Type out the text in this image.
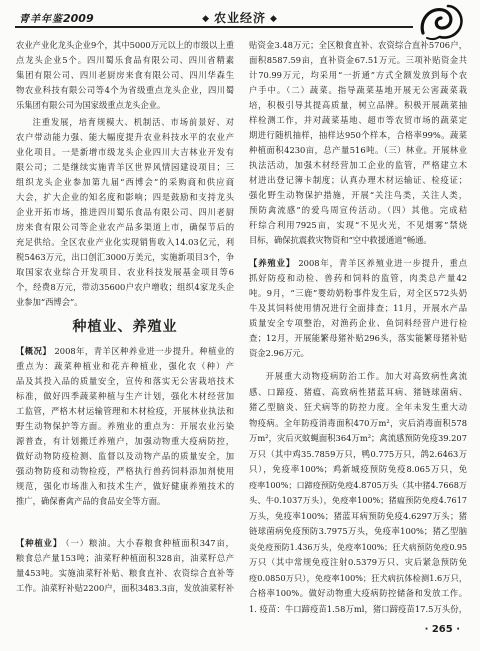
青羊年鉴2009	◆ 农业经济 ◆
农业产业化龙头企业9个，其中5000万元以上的市级以上重
点龙头企业5个。四川蜀乐食品有限公司、四川省精素
集团有限公司、四川老厨房来食有限公司、四川华森生
物农业科技有限公司等4个为省级重点龙头企业，四川蜀
乐集团有限公司为国家级重点龙头企业。
注重发展，培育规模大、机制活、市场前景好、对
农户带动能力强、能大幅度提升农业科技水平的农业产
业化项目。一是新增市级龙头企业四川大吉林业开发有
限公司；二是继续实施青羊区世界风情园建设项目；三
组织龙头企业参加第九届“西博会”的采购商和供应商
大会，扩大企业的知名度和影响；四是鼓励和支持龙头
企业开拓市场，推进四川蜀乐食品有限公司、四川老厨
房来食有限公司等企业农产品多渠道上市，确保节后的
充足供给。全区农业产业化实现销售收入14.03亿元，利
税5463万元，出口创汇3000万美元，实施新项目3个，争
取国家农业综合开发项目、农业科技发展基金项目等6
个，经费8万元，带动35600户农户增收；组织4家龙头企
业参加“西博会”。
种植业、养殖业
【概况】 2008年，青羊区种养业进一步提升。种植业的
重点为：蔬菜种植业和花卉种植业，强化农（种）产
品及其投入品的质量安全，宣传和落实无公害栽培技术
标准，做好四季蔬菜种植与生产计划，强化木材经营加
工监管，严格木材运输管理和木材检疫，开展林业执法和
野生动物保护等方面。养殖业的重点为：开展农业污染
源普查，有计划搬迁养殖户，加强动物重大疫病防控，
做好动物防疫检测、监督以及动物产品的质量安全，加
强动物防疫和动物检疫，严格执行兽药饲料添加剂使用
规范，强化市场准入和技术生产，做好健康养殖技术的
推广，确保畜禽产品的食品安全等方面。
【种植业】 （一）粮油。大小春粮食种植面积347亩，
粮食总产量153吨；油菜籽种植面积328亩，油菜籽总产
量453吨。实施油菜籽补贴、粮食直补、农资综合直补等
工作。油菜籽补贴2200户，面积3483.3亩，发放油菜籽补
贴资金3.48万元；全区粮食直补、农资综合直补5706户，
面积8587.59亩，直补资金67.51万元。三项补贴资金共
计70.99万元，均采用“一折通”方式全额发放到每个农
户手中。（二）蔬菜。指导蔬菜基地开展无公害蔬菜栽
培，积极引导其提高质量，树立品牌。积极开展蔬菜抽
样检测工作，并对蔬菜基地、超市等农贸市场的蔬菜定
期进行随机抽样，抽样达950个样本，合格率99%。蔬菜
种植面积4230亩，总产量516吨。（三）林业。开展林业
执法活动，加强木材经营加工企业的监管，严格建立木
材进出登记簿卡制度；认真办理木材运输证、检疫证；
强化野生动物保护措施，开展“关注鸟类，关注人类，
预防禽流感”的爱鸟周宣传活动。（四）其他。完成秸
秆综合利用7925亩，实现“不见火光，不见烟雾”禁烧
目标，确保抗震救灾物资和“空中救援通道”畅通。
【养殖业】 2008年，青羊区养殖业进一步提升，重点
抓好防疫和动检、兽药和饲料的监管，肉类总产量42
吨。9月，“三鹿”婴幼奶粉事件发生后，对全区572头奶
牛及其饲料使用情况进行全面排查；11月，开展水产品
质量安全专项整治，对渔药企业、鱼饲料经营户进行检
查；12月，开展能繁母猪补贴296头，落实能繁母猪补贴
资金2.96万元。
开展重大动物疫病防治工作。加大对高致病性禽流
感、口蹄疫、猪瘟、高致病性猪蓝耳病、猪链球菌病、
猪乙型脑炎、狂犬病等的防控力度。全年未发生重大动
物疫病。全年防疫消毒面积470万m²，灾后消毒面积578
万m²，灾后灭蚊蝇面积364万m²；禽流感预防免疫39.207
万只（其中鸡35.7859万只，鸭0.775万只，鸽2.6463万
只），免疫率100%；鸡新城疫预防免疫8.065万只，免
疫率100%；口蹄疫预防免疫4.8705万头（其中猪4.7668万
头、牛0.1037万头），免疫率100%；猪瘟预防免疫4.7617
万头，免疫率100%；猪蓝耳病预防免疫4.6297万头；猪
链球菌病免疫预防3.7975万头，免疫率100%；猪乙型脑
炎免疫预防1.436万头，免疫率100%；狂犬病预防免疫0.95
万只（其中常规免疫注射0.5379万只、灾后紧急预防免
疫0.0850万只），免疫率100%；狂犬病抗体检测1.6万只，
合格率100%。做好动物重大疫病防控储备和发放工作。
1. 疫苗：牛口蹄疫苗1.58万ml，猪口蹄疫苗17.5万头份，
· 265 ·
